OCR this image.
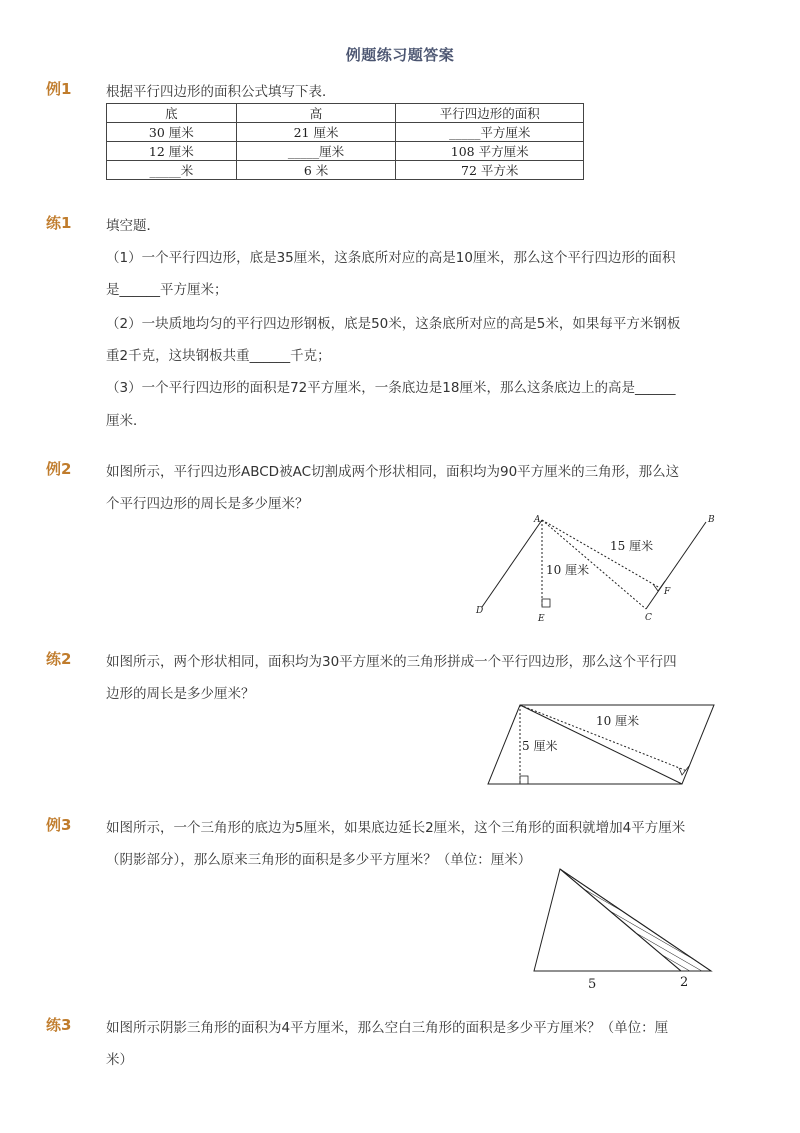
例题练习题答案
例1	根据平行四边形的面积公式填写下表．
底	高	平行四边形的面积
30 厘米	21 厘米	_____平方厘米
12 厘米	_____厘米	108 平方厘米
_____米	6 米	72 平方米
练1	填空题．
（1）一个平行四边形，底是35厘米，这条底所对应的高是10厘米，那么这个平行四边形的面积
是______平方厘米；
（2）一块质地均匀的平行四边形钢板，底是50米，这条底所对应的高是5米，如果每平方米钢板
重2千克，这块钢板共重______千克；
（3）一个平行四边形的面积是72平方厘米，一条底边是18厘米，那么这条底边上的高是______
厘米．
例2	如图所示，平行四边形ABCD被AC切割成两个形状相同，面积均为90平方厘米的三角形，那么这
个平行四边形的周长是多少厘米？
A	B
C
D
E
F
15 厘米
10 厘米
练2	如图所示，两个形状相同，面积均为30平方厘米的三角形拼成一个平行四边形，那么这个平行四
边形的周长是多少厘米？
10 厘米
5 厘米
例3	如图所示，一个三角形的底边为5厘米，如果底边延长2厘米，这个三角形的面积就增加4平方厘米
（阴影部分），那么原来三角形的面积是多少平方厘米？（单位：厘米）
5	2
练3	如图所示阴影三角形的面积为4平方厘米，那么空白三角形的面积是多少平方厘米？（单位：厘
米）
